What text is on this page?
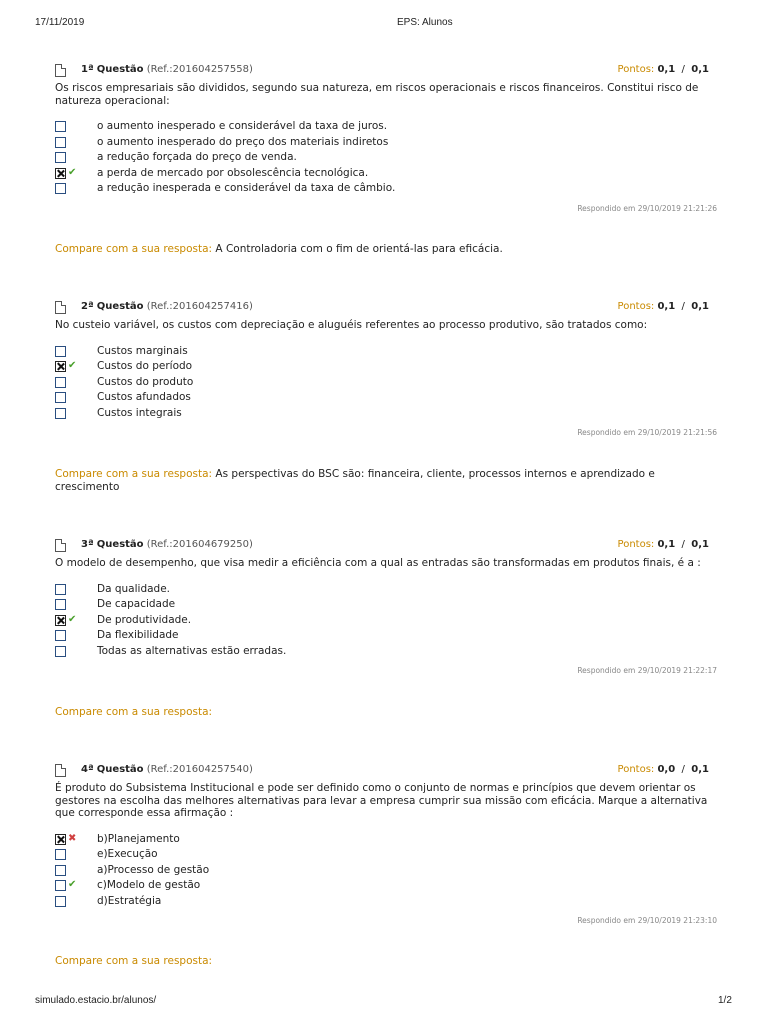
17/11/2019	EPS: Alunos
1ª Questão (Ref.:201604257558)	Pontos: 0,1  /  0,1
Os riscos empresariais são divididos, segundo sua natureza, em riscos operacionais e riscos financeiros. Constitui risco de natureza operacional:
o aumento inesperado e considerável da taxa de juros.
o aumento inesperado do preço dos materiais indiretos
a redução forçada do preço de venda.
✔ a perda de mercado por obsolescência tecnológica.
a redução inesperada e considerável da taxa de câmbio.
Respondido em 29/10/2019 21:21:26
Compare com a sua resposta: A Controladoria com o fim de orientá-las para eficácia.
2ª Questão (Ref.:201604257416)	Pontos: 0,1  /  0,1
No custeio variável, os custos com depreciação e aluguéis referentes ao processo produtivo, são tratados como:
Custos marginais
✔ Custos do período
Custos do produto
Custos afundados
Custos integrais
Respondido em 29/10/2019 21:21:56
Compare com a sua resposta: As perspectivas do BSC são: financeira, cliente, processos internos e aprendizado e crescimento
3ª Questão (Ref.:201604679250)	Pontos: 0,1  /  0,1
O modelo de desempenho, que visa medir a eficiência com a qual as entradas são transformadas em produtos finais, é a :
Da qualidade.
De capacidade
✔ De produtividade.
Da flexibilidade
Todas as alternativas estão erradas.
Respondido em 29/10/2019 21:22:17
Compare com a sua resposta:
4ª Questão (Ref.:201604257540)	Pontos: 0,0  /  0,1
É produto do Subsistema Institucional e pode ser definido como o conjunto de normas e princípios que devem orientar os gestores na escolha das melhores alternativas para levar a empresa cumprir sua missão com eficácia. Marque a alternativa que corresponde essa afirmação :
✖ b)Planejamento
e)Execução
a)Processo de gestão
✔ c)Modelo de gestão
d)Estratégia
Respondido em 29/10/2019 21:23:10
Compare com a sua resposta:
simulado.estacio.br/alunos/	1/2
